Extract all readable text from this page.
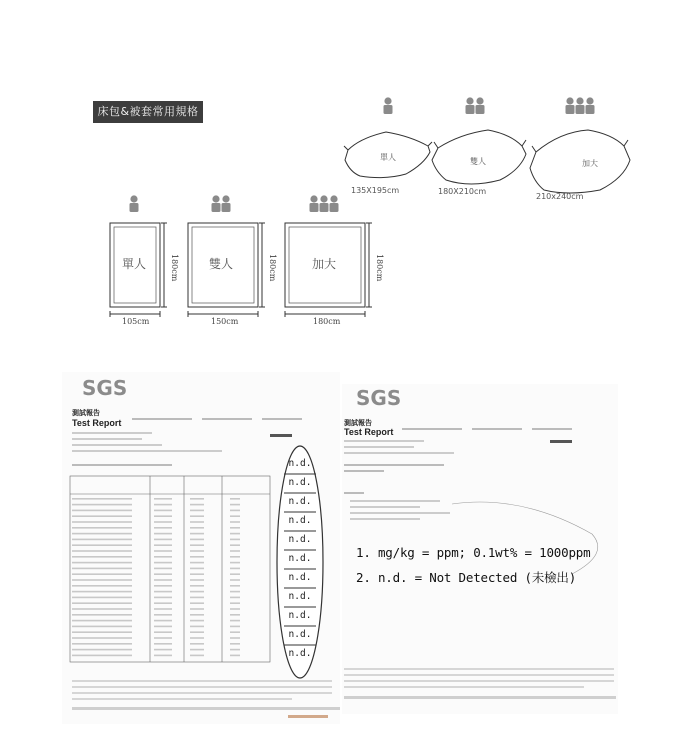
床包&被套常用規格
單人
135X195cm
雙人
180X210cm
加大
210x240cm
單人	180cm
105cm
雙人	180cm
150cm
加大	180cm
180cm
SGS
測試報告
Test Report
n.d.
n.d.
n.d.
n.d.
n.d.
n.d.
n.d.
n.d.
n.d.
n.d.
n.d.
SGS
測試報告
Test Report
1. mg/kg = ppm; 0.1wt% = 1000ppm
2. n.d. = Not Detected (未檢出)
